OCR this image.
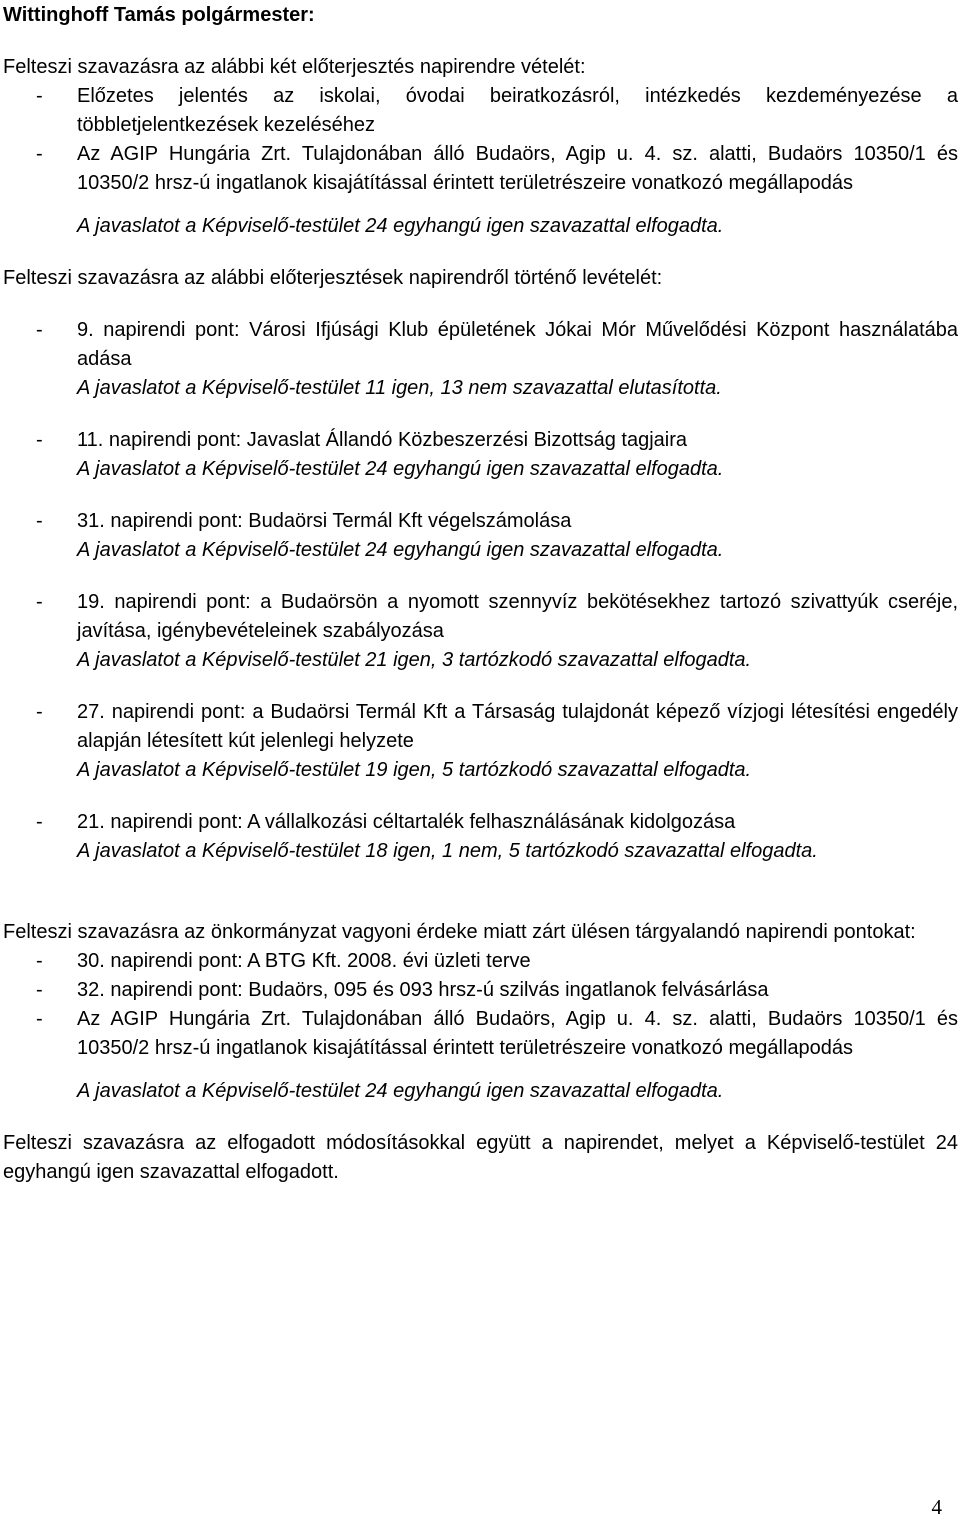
Wittinghoff Tamás polgármester:

Felteszi szavazásra az alábbi két előterjesztés napirendre vételét:

-	Előzetes jelentés az iskolai, óvodai beiratkozásról, intézkedés kezdeményezése a többletjelentkezések kezeléséhez

-	Az AGIP Hungária Zrt. Tulajdonában álló Budaörs, Agip u. 4. sz. alatti, Budaörs 10350/1 és 10350/2 hrsz-ú ingatlanok kisajátítással érintett területrészeire vonatkozó megállapodás

A javaslatot a Képviselő-testület 24 egyhangú igen szavazattal elfogadta.

Felteszi szavazásra az alábbi előterjesztések napirendről történő levételét:

-	9. napirendi pont: Városi Ifjúsági Klub épületének Jókai Mór Művelődési Központ használatába adása

A javaslatot a Képviselő-testület 11 igen, 13 nem szavazattal elutasította.

-	11. napirendi pont: Javaslat Állandó Közbeszerzési Bizottság tagjaira

A javaslatot a Képviselő-testület 24 egyhangú igen szavazattal elfogadta.

-	31. napirendi pont: Budaörsi Termál Kft végelszámolása

A javaslatot a Képviselő-testület 24 egyhangú igen szavazattal elfogadta.

-	19. napirendi pont: a Budaörsön a nyomott szennyvíz bekötésekhez tartozó szivattyúk cseréje, javítása, igénybevételeinek szabályozása

A javaslatot a Képviselő-testület 21 igen, 3 tartózkodó szavazattal elfogadta.

-	27. napirendi pont: a Budaörsi Termál Kft a Társaság tulajdonát képező vízjogi létesítési engedély alapján létesített kút jelenlegi helyzete

A javaslatot a Képviselő-testület 19 igen, 5 tartózkodó szavazattal elfogadta.

-	21. napirendi pont: A vállalkozási céltartalék felhasználásának kidolgozása

A javaslatot a Képviselő-testület 18 igen, 1 nem, 5 tartózkodó szavazattal elfogadta.

Felteszi szavazásra az önkormányzat vagyoni érdeke miatt zárt ülésen tárgyalandó napirendi pontokat:

-	30. napirendi pont: A BTG Kft. 2008. évi üzleti terve

-	32. napirendi pont: Budaörs, 095 és 093 hrsz-ú szilvás ingatlanok felvásárlása

-	Az AGIP Hungária Zrt. Tulajdonában álló Budaörs, Agip u. 4. sz. alatti, Budaörs 10350/1 és 10350/2 hrsz-ú ingatlanok kisajátítással érintett területrészeire vonatkozó megállapodás

A javaslatot a Képviselő-testület 24 egyhangú igen szavazattal elfogadta.

Felteszi szavazásra az elfogadott módosításokkal együtt a napirendet, melyet a Képviselő-testület 24 egyhangú igen szavazattal elfogadott.

4
